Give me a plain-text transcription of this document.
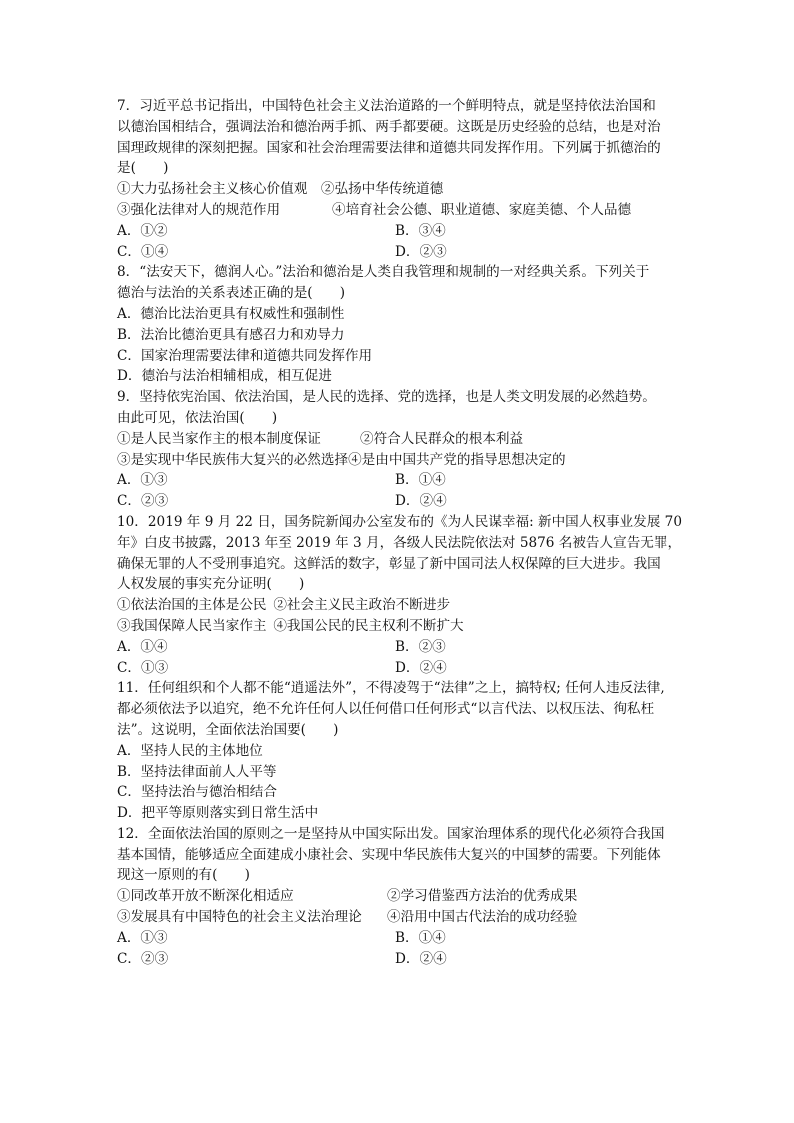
7．习近平总书记指出，中国特色社会主义法治道路的一个鲜明特点，就是坚持依法治国和
以德治国相结合，强调法治和德治两手抓、两手都要硬。这既是历史经验的总结，也是对治
国理政规律的深刻把握。国家和社会治理需要法律和道德共同发挥作用。下列属于抓德治的
是(　　)
①大力弘扬社会主义核心价值观  ②弘扬中华传统道德
③强化法律对人的规范作用	④培育社会公德、职业道德、家庭美德、个人品德
A．①②	B．③④
C．①④	D．②③
8．“法安天下，德润人心。”法治和德治是人类自我管理和规制的一对经典关系。下列关于
德治与法治的关系表述正确的是(　　)
A．德治比法治更具有权威性和强制性
B．法治比德治更具有感召力和劝导力
C．国家治理需要法律和道德共同发挥作用
D．德治与法治相辅相成，相互促进
9．坚持依宪治国、依法治国，是人民的选择、党的选择，也是人类文明发展的必然趋势。
由此可见，依法治国(　　)
①是人民当家作主的根本制度保证	②符合人民群众的根本利益
③是实现中华民族伟大复兴的必然选择④是由中国共产党的指导思想决定的
A．①③	B．①④
C．②③	D．②④
10．2019 年 9 月 22 日，国务院新闻办公室发布的《为人民谋幸福: 新中国人权事业发展 70
年》白皮书披露，2013 年至 2019 年 3 月，各级人民法院依法对 5876 名被告人宣告无罪，
确保无罪的人不受刑事追究。这鲜活的数字，彰显了新中国司法人权保障的巨大进步。我国
人权发展的事实充分证明(　　)
①依法治国的主体是公民  ②社会主义民主政治不断进步
③我国保障人民当家作主  ④我国公民的民主权利不断扩大
A．①④	B．②③
C．①③	D．②④
11．任何组织和个人都不能“逍遥法外”，不得凌驾于“法律”之上，搞特权; 任何人违反法律,
都必须依法予以追究，绝不允许任何人以任何借口任何形式“以言代法、以权压法、徇私枉
法”。这说明，全面依法治国要(　　)
A．坚持人民的主体地位
B．坚持法律面前人人平等
C．坚持法治与德治相结合
D．把平等原则落实到日常生活中
12．全面依法治国的原则之一是坚持从中国实际出发。国家治理体系的现代化必须符合我国
基本国情，能够适应全面建成小康社会、实现中华民族伟大复兴的中国梦的需要。下列能体
现这一原则的有(　　)
①同改革开放不断深化相适应	②学习借鉴西方法治的优秀成果
③发展具有中国特色的社会主义法治理论	④沿用中国古代法治的成功经验
A．①③	B．①④
C．②③	D．②④
